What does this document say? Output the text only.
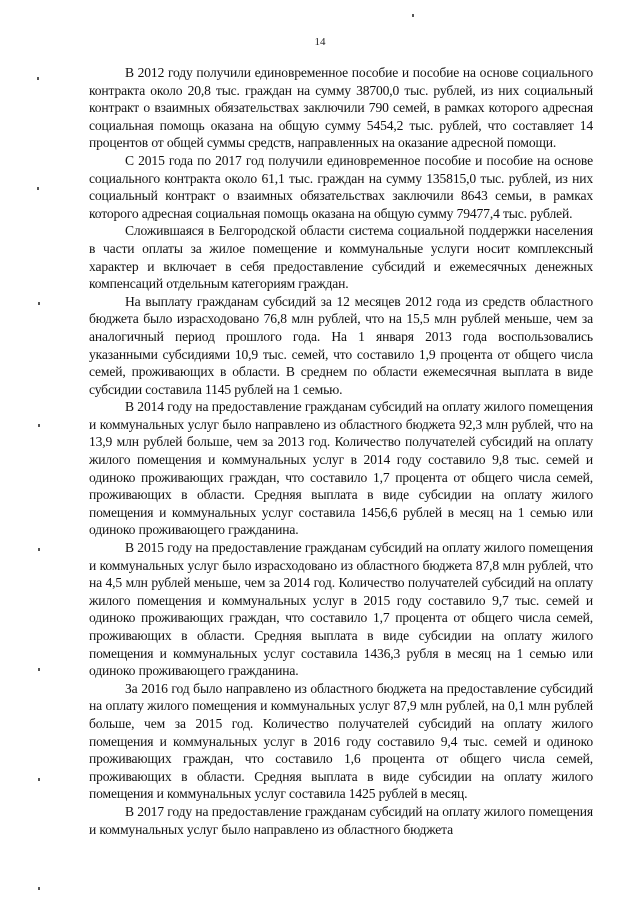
14

В 2012 году получили единовременное пособие и пособие на основе социального контракта около 20,8 тыс. граждан на сумму 38700,0 тыс. рублей, из них социальный контракт о взаимных обязательствах заключили 790 семей, в рамках которого адресная социальная помощь оказана на общую сумму 5454,2 тыс. рублей, что составляет 14 процентов от общей суммы средств, направленных на оказание адресной помощи.

С 2015 года по 2017 год получили единовременное пособие и пособие на основе социального контракта около 61,1 тыс. граждан на сумму 135815,0 тыс. рублей, из них социальный контракт о взаимных обязательствах заключили 8643 семьи, в рамках которого адресная социальная помощь оказана на общую сумму 79477,4 тыс. рублей.

Сложившаяся в Белгородской области система социальной поддержки населения в части оплаты за жилое помещение и коммунальные услуги носит комплексный характер и включает в себя предоставление субсидий и ежемесячных денежных компенсаций отдельным категориям граждан.

На выплату гражданам субсидий за 12 месяцев 2012 года из средств областного бюджета было израсходовано 76,8 млн рублей, что на 15,5 млн рублей меньше, чем за аналогичный период прошлого года. На 1 января 2013 года воспользовались указанными субсидиями 10,9 тыс. семей, что составило 1,9 процента от общего числа семей, проживающих в области. В среднем по области ежемесячная выплата в виде субсидии составила 1145 рублей на 1 семью.

В 2014 году на предоставление гражданам субсидий на оплату жилого помещения и коммунальных услуг было направлено из областного бюджета 92,3 млн рублей, что на 13,9 млн рублей больше, чем за 2013 год. Количество получателей субсидий на оплату жилого помещения и коммунальных услуг в 2014 году составило 9,8 тыс. семей и одиноко проживающих граждан, что составило 1,7 процента от общего числа семей, проживающих в области. Средняя выплата в виде субсидии на оплату жилого помещения и коммунальных услуг составила 1456,6 рублей в месяц на 1 семью или одиноко проживающего гражданина.

В 2015 году на предоставление гражданам субсидий на оплату жилого помещения и коммунальных услуг было израсходовано из областного бюджета 87,8 млн рублей, что на 4,5 млн рублей меньше, чем за 2014 год. Количество получателей субсидий на оплату жилого помещения и коммунальных услуг в 2015 году составило 9,7 тыс. семей и одиноко проживающих граждан, что составило 1,7 процента от общего числа семей, проживающих в области. Средняя выплата в виде субсидии на оплату жилого помещения и коммунальных услуг составила 1436,3 рубля в месяц на 1 семью или одиноко проживающего гражданина.

За 2016 год было направлено из областного бюджета на предоставление субсидий на оплату жилого помещения и коммунальных услуг 87,9 млн рублей, на 0,1 млн рублей больше, чем за 2015 год. Количество получателей субсидий на оплату жилого помещения и коммунальных услуг в 2016 году составило 9,4 тыс. семей и одиноко проживающих граждан, что составило 1,6 процента от общего числа семей, проживающих в области. Средняя выплата в виде субсидии на оплату жилого помещения и коммунальных услуг составила 1425 рублей в месяц.

В 2017 году на предоставление гражданам субсидий на оплату жилого помещения и коммунальных услуг было направлено из областного бюджета
